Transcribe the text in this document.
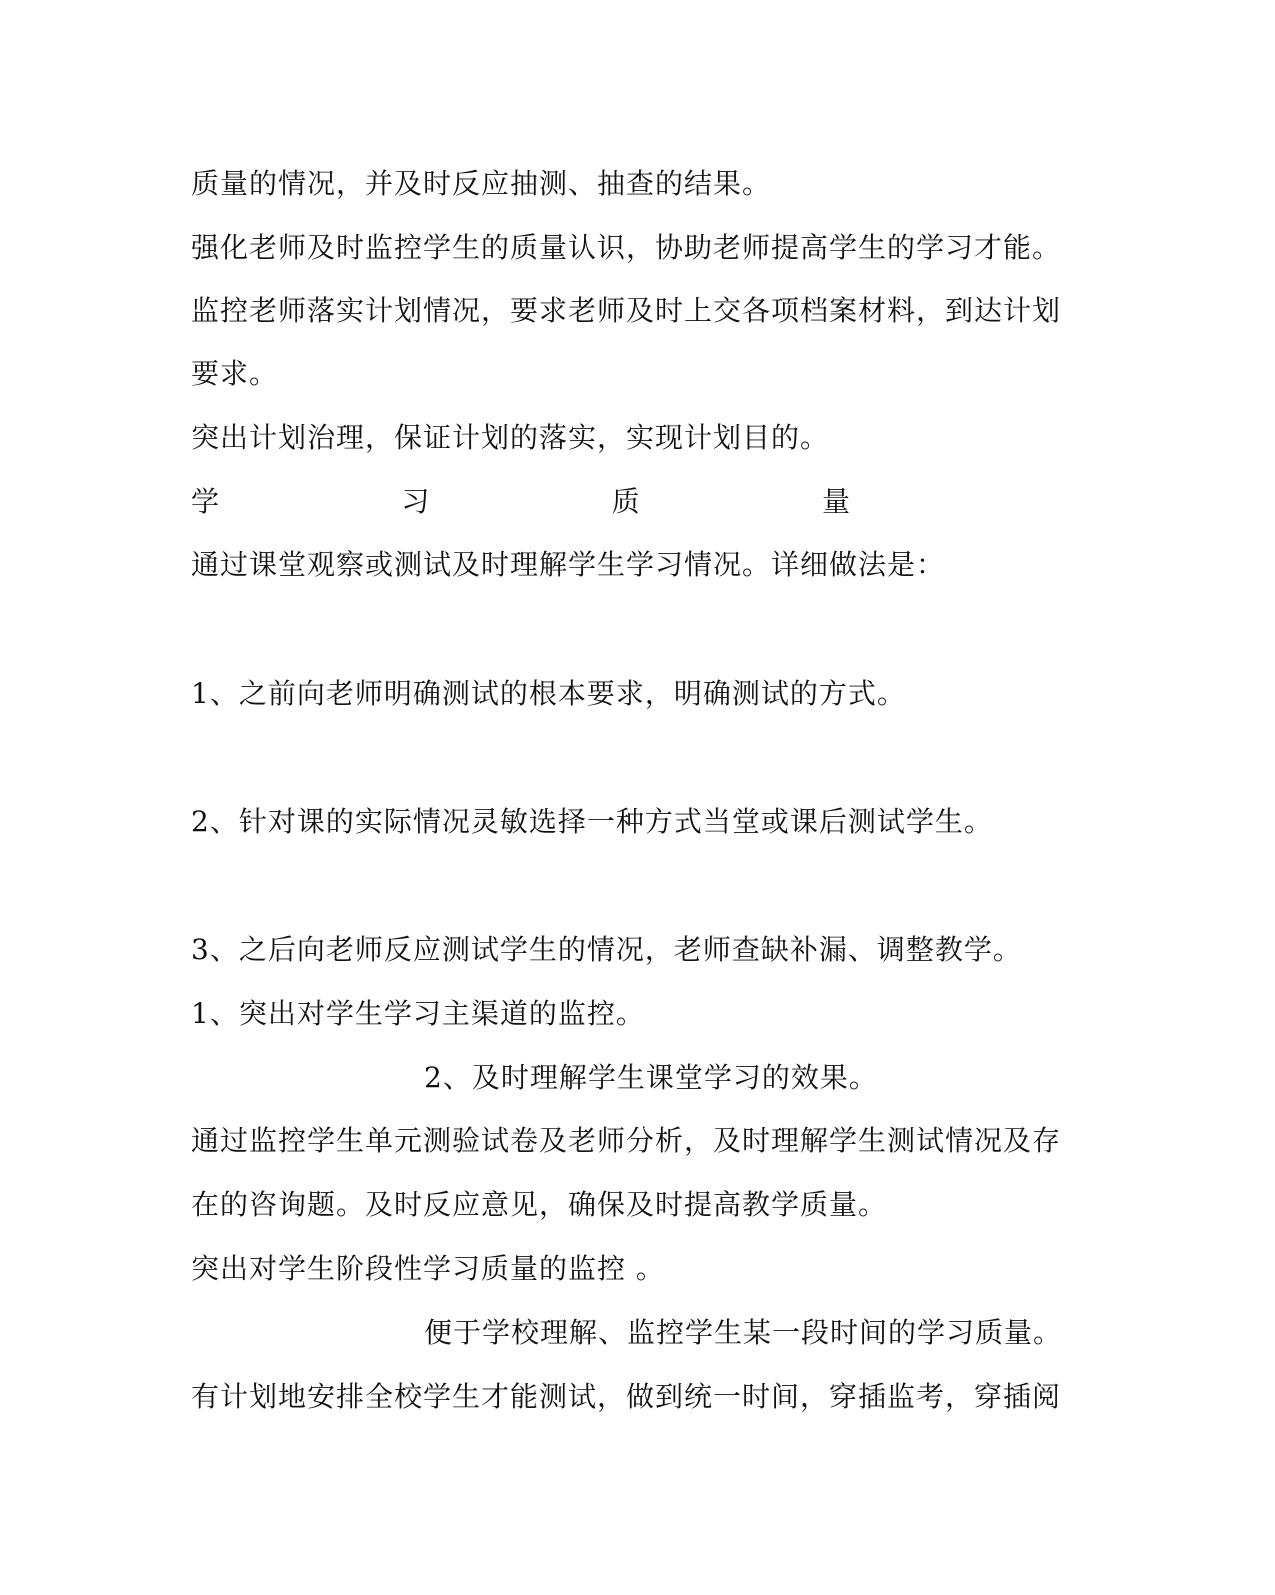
质量的情况，并及时反应抽测、抽查的结果。
强化老师及时监控学生的质量认识，协助老师提高学生的学习才能。
监控老师落实计划情况，要求老师及时上交各项档案材料，到达计划
要求。
突出计划治理，保证计划的落实，实现计划目的。
学	习	质	量
通过课堂观察或测试及时理解学生学习情况。详细做法是：
1、之前向老师明确测试的根本要求，明确测试的方式。
2、针对课的实际情况灵敏选择一种方式当堂或课后测试学生。
3、之后向老师反应测试学生的情况，老师查缺补漏、调整教学。
1、突出对学生学习主渠道的监控。
2、及时理解学生课堂学习的效果。
通过监控学生单元测验试卷及老师分析，及时理解学生测试情况及存
在的咨询题。及时反应意见，确保及时提高教学质量。
突出对学生阶段性学习质量的监控 。
便于学校理解、监控学生某一段时间的学习质量。
有计划地安排全校学生才能测试，做到统一时间，穿插监考，穿插阅
